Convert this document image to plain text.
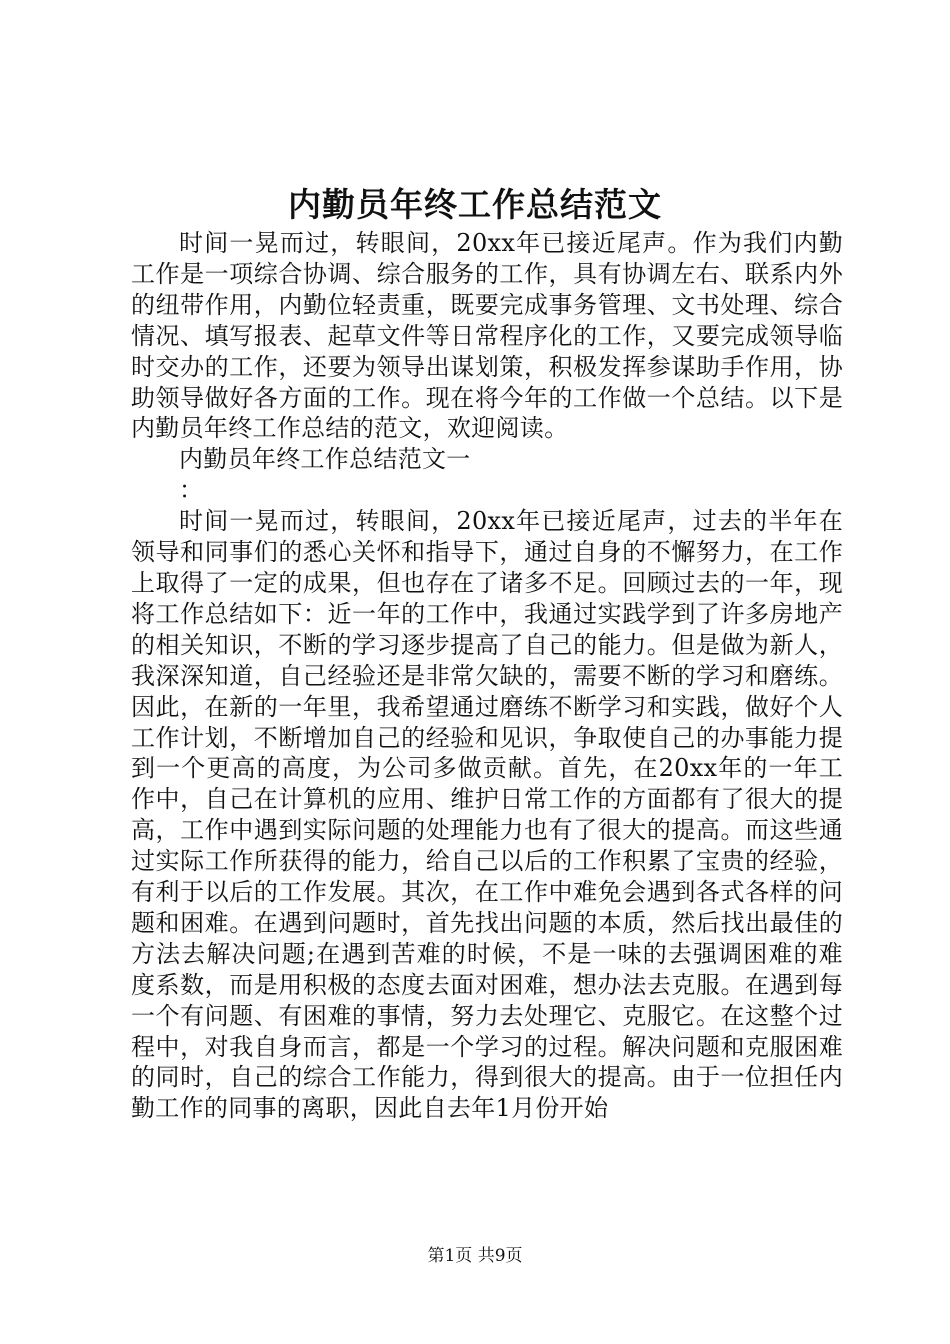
内勤员年终工作总结范文

时间一晃而过，转眼间，20xx年已接近尾声。作为我们内勤工作是一项综合协调、综合服务的工作，具有协调左右、联系内外的纽带作用，内勤位轻责重，既要完成事务管理、文书处理、综合情况、填写报表、起草文件等日常程序化的工作，又要完成领导临时交办的工作，还要为领导出谋划策，积极发挥参谋助手作用，协助领导做好各方面的工作。现在将今年的工作做一个总结。以下是内勤员年终工作总结的范文，欢迎阅读。

内勤员年终工作总结范文一

：

时间一晃而过，转眼间，20xx年已接近尾声，过去的半年在领导和同事们的悉心关怀和指导下，通过自身的不懈努力，在工作上取得了一定的成果，但也存在了诸多不足。回顾过去的一年，现将工作总结如下：近一年的工作中，我通过实践学到了许多房地产的相关知识，不断的学习逐步提高了自己的能力。但是做为新人，我深深知道，自己经验还是非常欠缺的，需要不断的学习和磨练。因此，在新的一年里，我希望通过磨练不断学习和实践，做好个人工作计划，不断增加自己的经验和见识，争取使自己的办事能力提到一个更高的高度，为公司多做贡献。首先，在20xx年的一年工作中，自己在计算机的应用、维护日常工作的方面都有了很大的提高，工作中遇到实际问题的处理能力也有了很大的提高。而这些通过实际工作所获得的能力，给自己以后的工作积累了宝贵的经验，有利于以后的工作发展。其次，在工作中难免会遇到各式各样的问题和困难。在遇到问题时，首先找出问题的本质，然后找出最佳的方法去解决问题;在遇到苦难的时候，不是一味的去强调困难的难度系数，而是用积极的态度去面对困难，想办法去克服。在遇到每一个有问题、有困难的事情，努力去处理它、克服它。在这整个过程中，对我自身而言，都是一个学习的过程。解决问题和克服困难的同时，自己的综合工作能力，得到很大的提高。由于一位担任内勤工作的同事的离职，因此自去年1月份开始

第1页 共9页
